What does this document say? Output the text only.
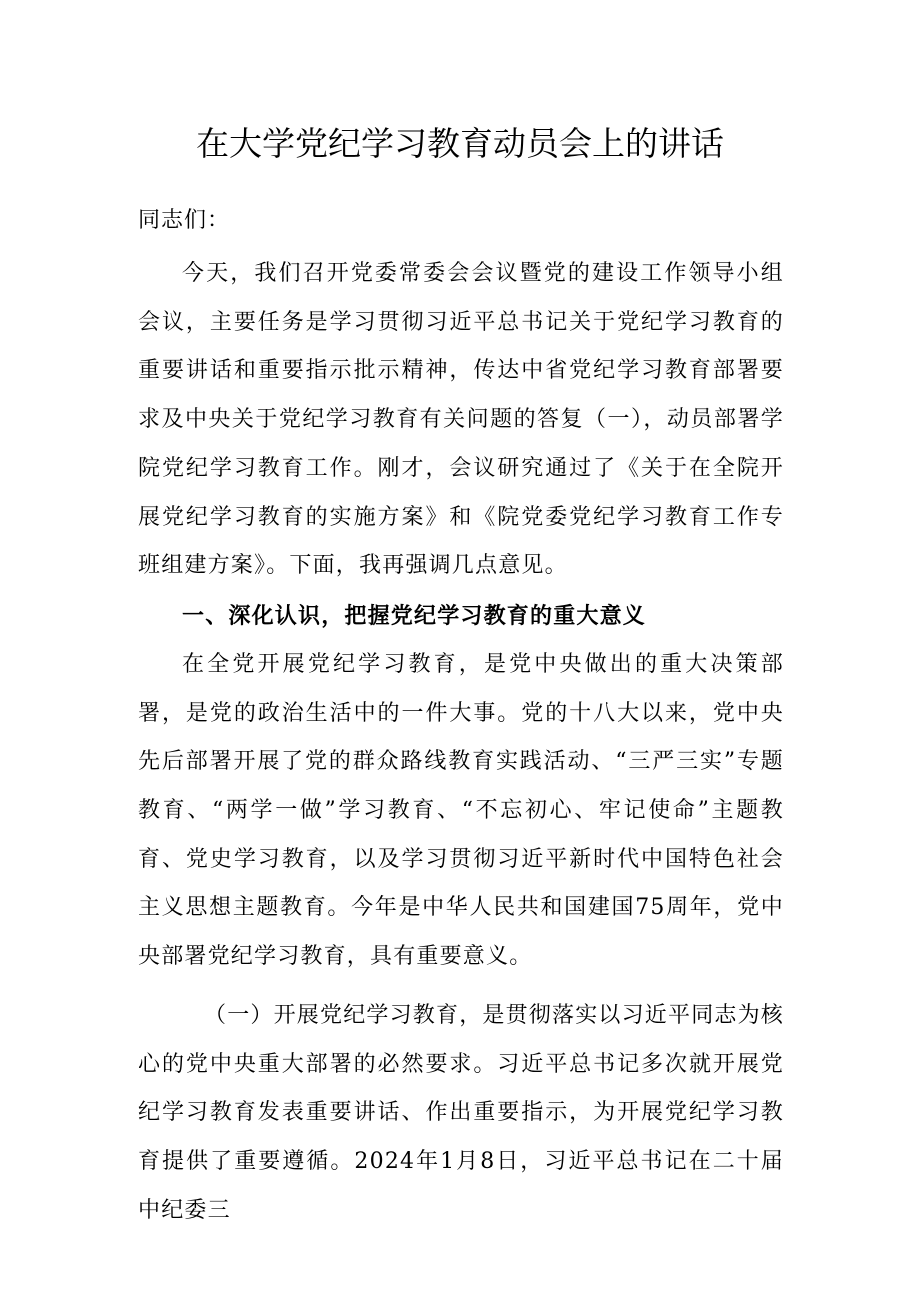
在大学党纪学习教育动员会上的讲话

同志们：

今天，我们召开党委常委会会议暨党的建设工作领导小组会议，主要任务是学习贯彻习近平总书记关于党纪学习教育的重要讲话和重要指示批示精神，传达中省党纪学习教育部署要求及中央关于党纪学习教育有关问题的答复（一），动员部署学院党纪学习教育工作。刚才，会议研究通过了《关于在全院开展党纪学习教育的实施方案》和《院党委党纪学习教育工作专班组建方案》。下面，我再强调几点意见。

一、深化认识，把握党纪学习教育的重大意义

在全党开展党纪学习教育，是党中央做出的重大决策部署，是党的政治生活中的一件大事。党的十八大以来，党中央先后部署开展了党的群众路线教育实践活动、“三严三实”专题教育、“两学一做”学习教育、“不忘初心、牢记使命”主题教育、党史学习教育，以及学习贯彻习近平新时代中国特色社会主义思想主题教育。今年是中华人民共和国建国75周年，党中央部署党纪学习教育，具有重要意义。

（一）开展党纪学习教育，是贯彻落实以习近平同志为核心的党中央重大部署的必然要求。习近平总书记多次就开展党纪学习教育发表重要讲话、作出重要指示，为开展党纪学习教育提供了重要遵循。2024年1月8日，习近平总书记在二十届中纪委三
